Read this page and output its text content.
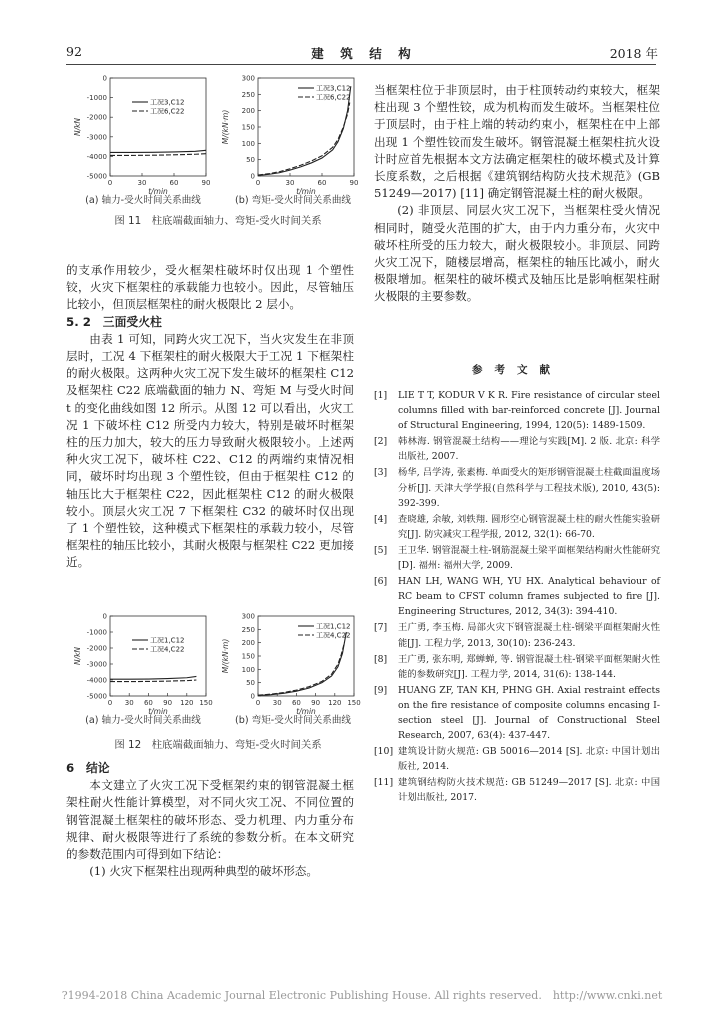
92	建　筑　结　构	2018 年
0	30	60	90
0
-1000
-2000
-3000
-4000
-5000
t/min
N/kN
工况3,C12
工况6,C22
0	30	60	90
0
50
100
150
200
250
300
t/min
M/(kN·m)
工况3,C12
工况6,C22
(a) 轴力-受火时间关系曲线	(b) 弯矩-受火时间关系曲线
图 11　柱底端截面轴力、弯矩-受火时间关系

的支承作用较少，受火框架柱破坏时仅出现 1 个塑性铰，火灾下框架柱的承载能力也较小。因此，尽管轴压比较小，但顶层框架柱的耐火极限比 2 层小。

5. 2　三面受火柱

由表 1 可知，同跨火灾工况下，当火灾发生在非顶层时，工况 4 下框架柱的耐火极限大于工况 1 下框架柱的耐火极限。这两种火灾工况下发生破坏的框架柱 C12 及框架柱 C22 底端截面的轴力 N、弯矩 M 与受火时间 t 的变化曲线如图 12 所示。从图 12 可以看出，火灾工况 1 下破坏柱 C12 所受内力较大，特别是破坏时框架柱的压力加大，较大的压力导致耐火极限较小。上述两种火灾工况下，破坏柱 C22、C12 的两端约束情况相同，破坏时均出现 3 个塑性铰，但由于框架柱 C12 的轴压比大于框架柱 C22，因此框架柱 C12 的耐火极限较小。顶层火灾工况 7 下框架柱 C32 的破坏时仅出现了 1 个塑性铰，这种模式下框架柱的承载力较小，尽管框架柱的轴压比较小，其耐火极限与框架柱 C22 更加接近。

0 30 60 90 120 150
0
-1000
-2000
-3000
-4000
-5000
t/min
N/kN
工况1,C12
工况4,C22
0 30 60 90 120 150
0
50
100
150
200
250
300
t/min
M/(kN·m)
工况1,C12
工况4,C22
(a) 轴力-受火时间关系曲线	(b) 弯矩-受火时间关系曲线
图 12　柱底端截面轴力、弯矩-受火时间关系

6　结论

本文建立了火灾工况下受框架约束的钢管混凝土框架柱耐火性能计算模型，对不同火灾工况、不同位置的钢管混凝土框架柱的破坏形态、受力机理、内力重分布规律、耐火极限等进行了系统的参数分析。在本文研究的参数范围内可得到如下结论：

(1) 火灾下框架柱出现两种典型的破坏形态。

当框架柱位于非顶层时，由于柱顶转动约束较大，框架柱出现 3 个塑性铰，成为机构而发生破坏。当框架柱位于顶层时，由于柱上端的转动约束小，框架柱在中上部出现 1 个塑性铰而发生破坏。钢管混凝土框架柱抗火设计时应首先根据本文方法确定框架柱的破坏模式及计算长度系数，之后根据《建筑钢结构防火技术规范》(GB 51249—2017) [11] 确定钢管混凝土柱的耐火极限。

(2) 非顶层、同层火灾工况下，当框架柱受火情况相同时，随受火范围的扩大，由于内力重分布，火灾中破坏柱所受的压力较大，耐火极限较小。非顶层、同跨火灾工况下，随楼层增高，框架柱的轴压比减小，耐火极限增加。框架柱的破坏模式及轴压比是影响框架柱耐火极限的主要参数。

参考文献
[1]	LIE T T, KODUR V K R. Fire resistance of circular steel columns filled with bar-reinforced concrete [J]. Journal of Structural Engineering, 1994, 120(5): 1489-1509.
[2]	韩林海. 钢管混凝土结构——理论与实践[M]. 2 版. 北京: 科学出版社, 2007.
[3]	杨华, 吕学涛, 张素梅. 单面受火的矩形钢管混凝土柱截面温度场分析[J]. 天津大学学报(自然科学与工程技术版), 2010, 43(5): 392-399.
[4]	查晓雄, 余敏, 刘轶翔. 圆形空心钢管混凝土柱的耐火性能实验研究[J]. 防灾减灾工程学报, 2012, 32(1): 66-70.
[5]	王卫华. 钢管混凝土柱-钢筋混凝土梁平面框架结构耐火性能研究[D]. 福州: 福州大学, 2009.
[6]	HAN LH, WANG WH, YU HX. Analytical behaviour of RC beam to CFST column frames subjected to fire [J]. Engineering Structures, 2012, 34(3): 394-410.
[7]	王广勇, 李玉梅. 局部火灾下钢管混凝土柱-钢梁平面框架耐火性能[J]. 工程力学, 2013, 30(10): 236-243.
[8]	王广勇, 张东明, 郑蝉蝉, 等. 钢管混凝土柱-钢梁平面框架耐火性能的参数研究[J]. 工程力学, 2014, 31(6): 138-144.
[9]	HUANG ZF, TAN KH, PHNG GH. Axial restraint effects on the fire resistance of composite columns encasing I-section steel [J]. Journal of Constructional Steel Research, 2007, 63(4): 437-447.
[10] 建筑设计防火规范: GB 50016—2014 [S]. 北京: 中国计划出版社, 2014.
[11] 建筑钢结构防火技术规范: GB 51249—2017 [S]. 北京: 中国计划出版社, 2017.
?1994-2018 China Academic Journal Electronic Publishing House. All rights reserved.　http://www.cnki.net
